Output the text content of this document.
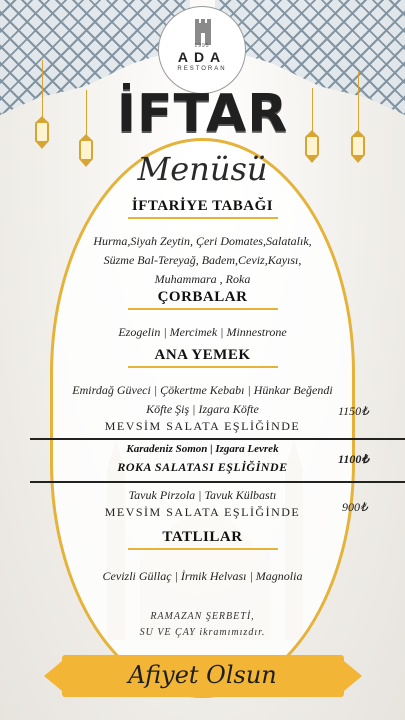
1995
ADA
RESTORAN
İFTAR
Menüsü
İFTARİYE TABAĞI
Hurma,Siyah Zeytin, Çeri Domates,Salatalık,
Süzme Bal-Tereyağ, Badem,Ceviz,Kayısı,
Muhammara , Roka
ÇORBALAR
Ezogelin | Mercimek | Minnestrone
ANA YEMEK
Emirdağ Güveci | Çökertme Kebabı | Hünkar Beğendi
Köfte Şiş | Izgara Köfte
MEVSİM SALATA EŞLİĞİNDE
1150₺
Karadeniz Somon | Izgara Levrek
ROKA SALATASI EŞLİĞİNDE
1100₺
Tavuk Pirzola | Tavuk Külbastı
MEVSİM SALATA EŞLİĞİNDE	900₺
TATLILAR
Cevizli Güllaç | İrmik Helvası | Magnolia
RAMAZAN ŞERBETİ,
SU VE ÇAY ikramımızdır.
Afiyet Olsun
